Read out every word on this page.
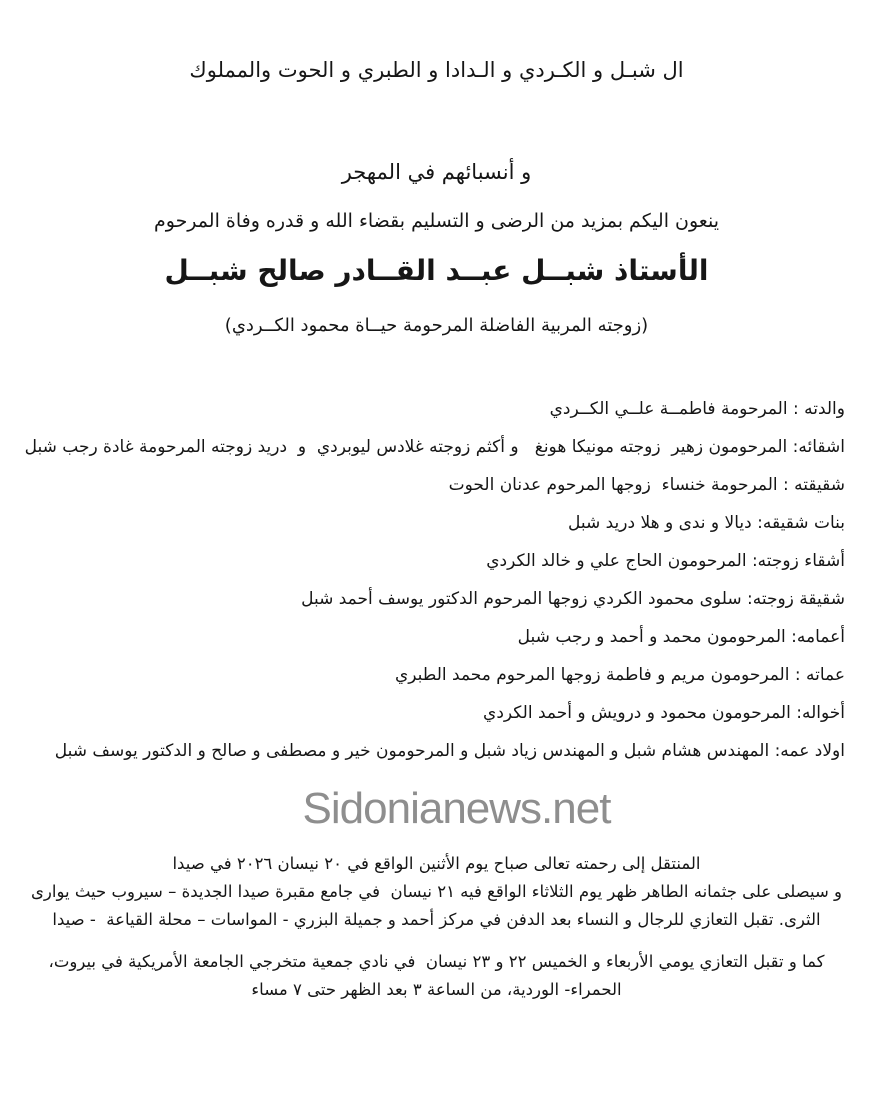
ال شبـل و الكـردي و الـدادا و الطبري و الحوت والمملوك
و أنسبائهم في المهجر
ينعون اليكم بمزيد من الرضى و التسليم بقضاء الله و قدره وفاة المرحوم
الأستاذ شبــل عبــد القــادر صالح شبــل
(زوجته المربية الفاضلة المرحومة حيــاة محمود الكــردي)
والدته : المرحومة فاطمــة علــي الكــردي
اشقائه: المرحومون زهير  زوجته مونيكا هونغ   و أكثم زوجته غلادس ليوبردي  و  دريد زوجته المرحومة غادة رجب شبل
شقيقته : المرحومة خنساء  زوجها المرحوم عدنان الحوت
بنات شقيقه: ديالا و ندى و هلا دريد شبل
أشقاء زوجته: المرحومون الحاج علي و خالد الكردي
شقيقة زوجته: سلوى محمود الكردي زوجها المرحوم الدكتور يوسف أحمد شبل
أعمامه: المرحومون محمد و أحمد و رجب شبل
عماته : المرحومون مريم و فاطمة زوجها المرحوم محمد الطبري
أخواله: المرحومون محمود و درويش و أحمد الكردي
اولاد عمه: المهندس هشام شبل و المهندس زياد شبل و المرحومون خير و مصطفى و صالح و الدكتور يوسف شبل
Sidonianews.net
المنتقل إلى رحمته تعالى صباح يوم الأثنين الواقع في ٢٠ نيسان ٢٠٢٦ في صيدا
و سيصلى على جثمانه الطاهر ظهر يوم الثلاثاء الواقع فيه ٢١ نيسان  في جامع مقبرة صيدا الجديدة – سيروب حيث يوارى
الثرى. تقبل التعازي للرجال و النساء بعد الدفن في مركز أحمد و جميلة البزري - المواسات – محلة القياعة  - صيدا
كما و تقبل التعازي يومي الأربعاء و الخميس ٢٢ و ٢٣ نيسان  في نادي جمعية متخرجي الجامعة الأمريكية في بيروت،
الحمراء- الوردية، من الساعة ٣ بعد الظهر حتى ٧ مساء
